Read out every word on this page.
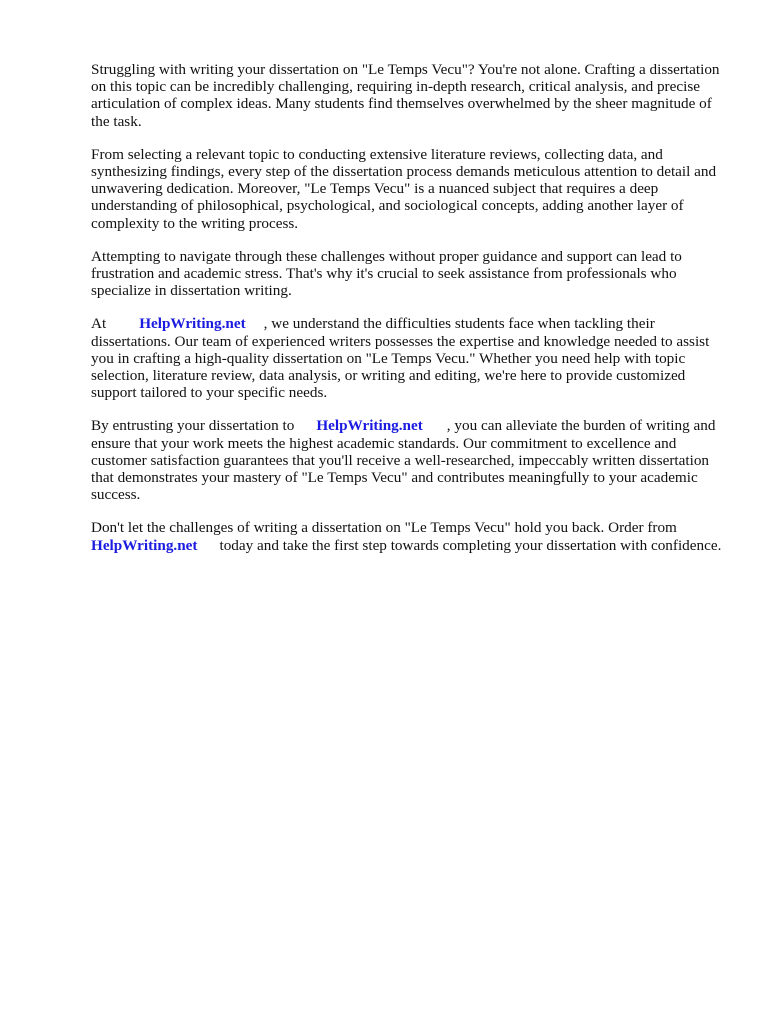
Struggling with writing your dissertation on "Le Temps Vecu"? You're not alone. Crafting a dissertation on this topic can be incredibly challenging, requiring in-depth research, critical analysis, and precise articulation of complex ideas. Many students find themselves overwhelmed by the sheer magnitude of the task.

From selecting a relevant topic to conducting extensive literature reviews, collecting data, and synthesizing findings, every step of the dissertation process demands meticulous attention to detail and unwavering dedication. Moreover, "Le Temps Vecu" is a nuanced subject that requires a deep understanding of philosophical, psychological, and sociological concepts, adding another layer of complexity to the writing process.

Attempting to navigate through these challenges without proper guidance and support can lead to frustration and academic stress. That's why it's crucial to seek assistance from professionals who specialize in dissertation writing.

At HelpWriting.net , we understand the difficulties students face when tackling their dissertations. Our team of experienced writers possesses the expertise and knowledge needed to assist you in crafting a high-quality dissertation on "Le Temps Vecu." Whether you need help with topic selection, literature review, data analysis, or writing and editing, we're here to provide customized support tailored to your specific needs.

By entrusting your dissertation to HelpWriting.net , you can alleviate the burden of writing and ensure that your work meets the highest academic standards. Our commitment to excellence and customer satisfaction guarantees that you'll receive a well-researched, impeccably written dissertation that demonstrates your mastery of "Le Temps Vecu" and contributes meaningfully to your academic success.

Don't let the challenges of writing a dissertation on "Le Temps Vecu" hold you back. Order from HelpWriting.net today and take the first step towards completing your dissertation with confidence.
